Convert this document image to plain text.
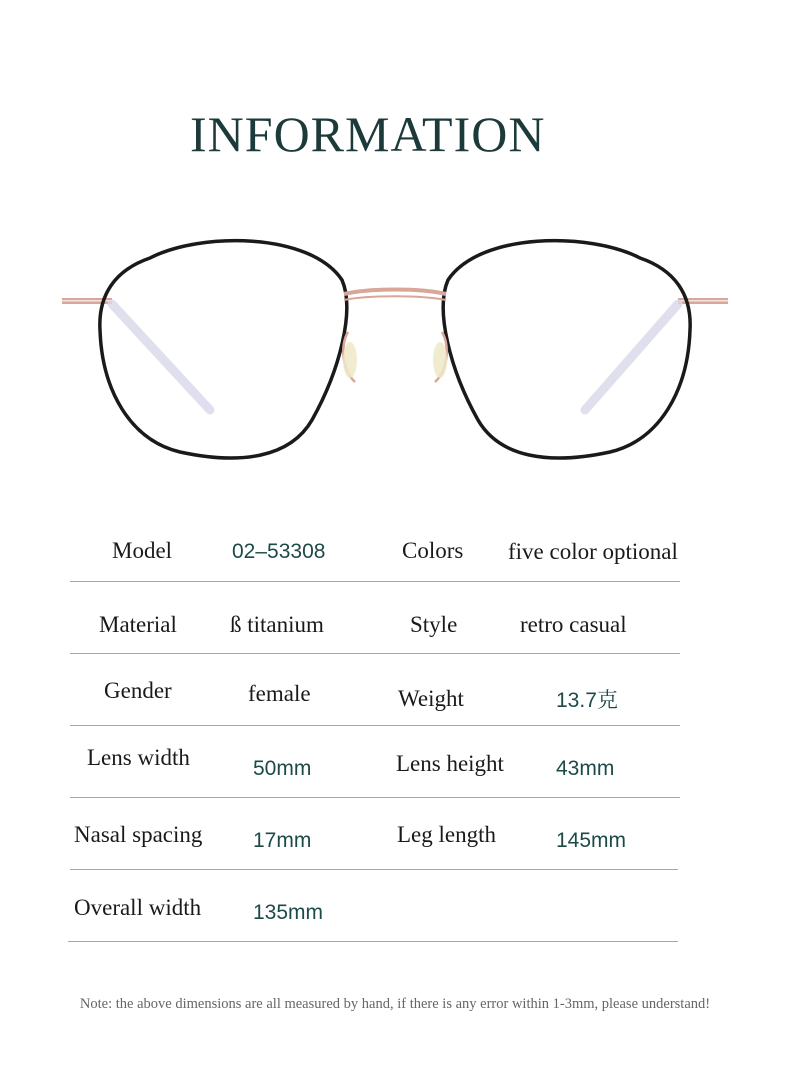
INFORMATION
Model	02–53308	Colors five color optional
Material ß titanium	Style	retro casual
Gender	female	Weight	13.7克
Lens width	50mm	Lens height 43mm
Nasal spacing 17mm	Leg length	145mm
Overall width 135mm
Note: the above dimensions are all measured by hand, if there is any error within 1-3mm, please understand!
